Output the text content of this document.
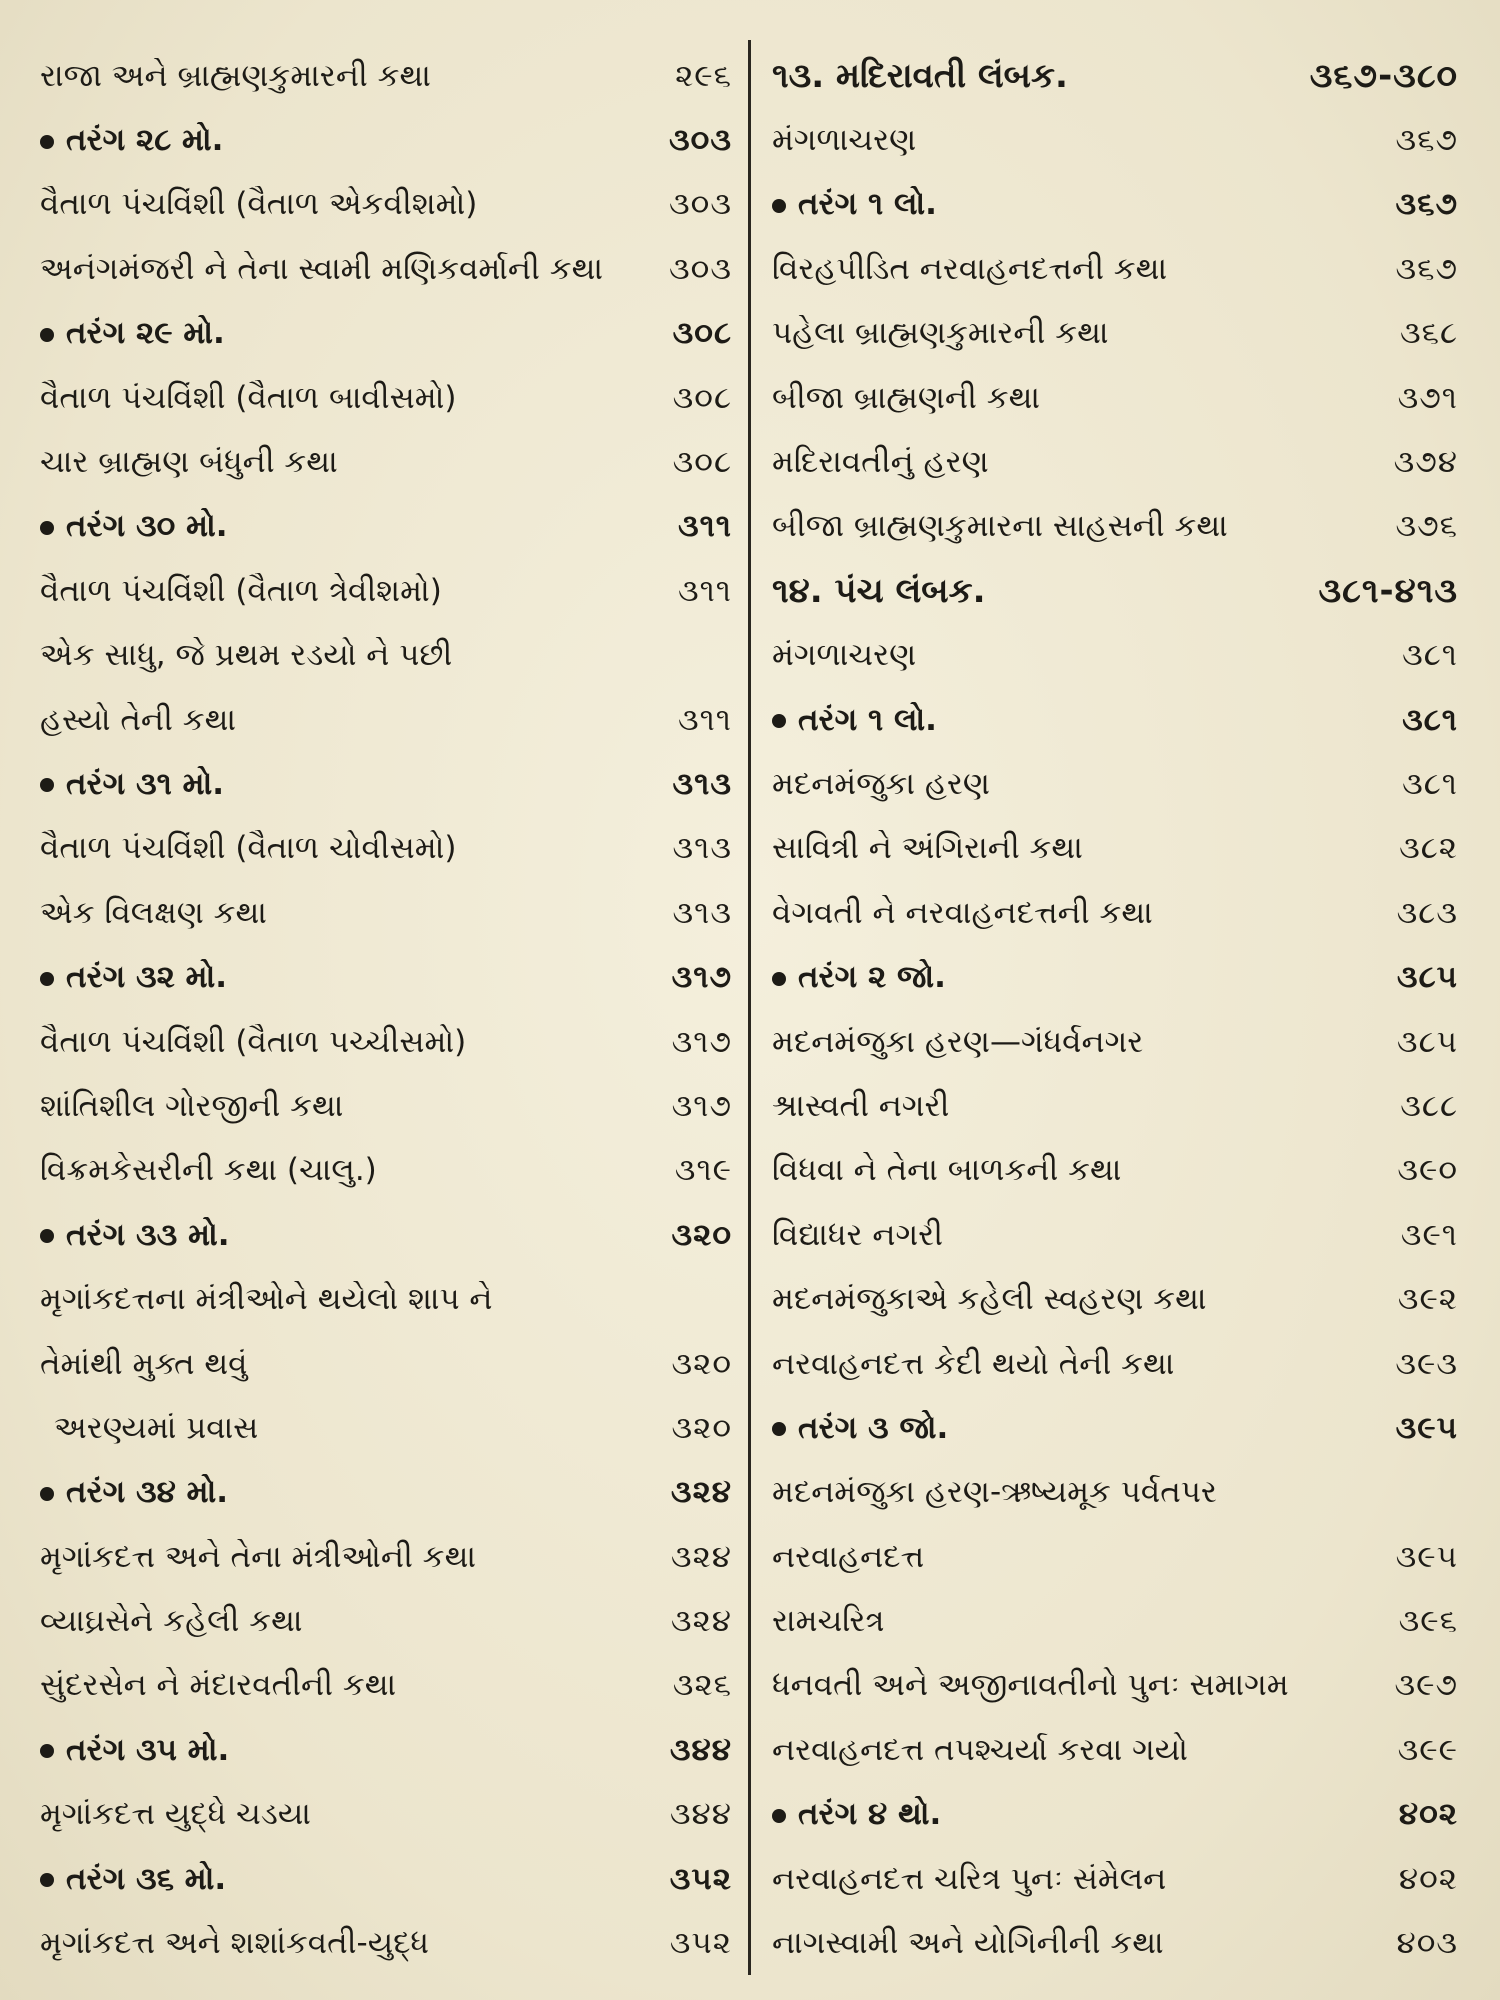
રાજા અને બ્રાહ્મણકુમારની કથા	૨૯૬
તરંગ ૨૮ મો.	૩૦૩
વૈતાળ પંચવિંશી (વૈતાળ એકવીશમો)	૩૦૩
અનંગમંજરી ને તેના સ્વામી મણિકવર્માની કથા	૩૦૩
તરંગ ૨૯ મો.	૩૦૮
વૈતાળ પંચવિંશી (વૈતાળ બાવીસમો)	૩૦૮
ચાર બ્રાહ્મણ બંધુની કથા	૩૦૮
તરંગ ૩૦ મો.	૩૧૧
વૈતાળ પંચવિંશી (વૈતાળ ત્રેવીશમો)	૩૧૧
એક સાધુ, જે પ્રથમ રડયો ને પછી
હસ્યો તેની કથા	૩૧૧
તરંગ ૩૧ મો.	૩૧૩
વૈતાળ પંચવિંશી (વૈતાળ ચોવીસમો)	૩૧૩
એક વિલક્ષણ કથા	૩૧૩
તરંગ ૩૨ મો.	૩૧૭
વૈતાળ પંચવિંશી (વૈતાળ પચ્ચીસમો)	૩૧૭
શાંતિશીલ ગોરજીની કથા	૩૧૭
વિક્રમકેસરીની કથા (ચાલુ.)	૩૧૯
તરંગ ૩૩ મો.	૩૨૦
મૃગાંકદત્તના મંત્રીઓને થયેલો શાપ ને
તેમાંથી મુક્ત થવું	૩૨૦
અરણ્યમાં પ્રવાસ	૩૨૦
તરંગ ૩૪ મો.	૩૨૪
મૃગાંકદત્ત અને તેના મંત્રીઓની કથા	૩૨૪
વ્યાઘ્રસેને કહેલી કથા	૩૨૪
સુંદરસેન ને મંદારવતીની કથા	૩૨૬
તરંગ ૩૫ મો.	૩૪૪
મૃગાંકદત્ત યુદ્ધે ચડયા	૩૪૪
તરંગ ૩૬ મો.	૩૫૨
મૃગાંકદત્ત અને શશાંકવતી-યુદ્ધ	૩૫૨
૧૩. મદિરાવતી લંબક.	૩૬૭-૩૮૦
મંગળાચરણ	૩૬૭
તરંગ ૧ લો.	૩૬૭
વિરહપીડિત નરવાહનદત્તની કથા	૩૬૭
પહેલા બ્રાહ્મણકુમારની કથા	૩૬૮
બીજા બ્રાહ્મણની કથા	૩૭૧
મદિરાવતીનું હરણ	૩૭૪
બીજા બ્રાહ્મણકુમારના સાહસની કથા	૩૭૬
૧૪. પંચ લંબક.	૩૮૧-૪૧૩
મંગળાચરણ	૩૮૧
તરંગ ૧ લો.	૩૮૧
મદનમંજુકા હરણ	૩૮૧
સાવિત્રી ને અંગિરાની કથા	૩૮૨
વેગવતી ને નરવાહનદત્તની કથા	૩૮૩
તરંગ ૨ જો.	૩૮૫
મદનમંજુકા હરણ—ગંધર્વનગર	૩૮૫
શ્રાસ્વતી નગરી	૩૮૮
વિધવા ને તેના બાળકની કથા	૩૯૦
વિદ્યાધર નગરી	૩૯૧
મદનમંજુકાએ કહેલી સ્વહરણ કથા	૩૯૨
નરવાહનદત્ત કેદી થયો તેની કથા	૩૯૩
તરંગ ૩ જો.	૩૯૫
મદનમંજુકા હરણ-ઋષ્યમૂક પર્વતપર
નરવાહનદત્ત	૩૯૫
રામચરિત્ર	૩૯૬
ધનવતી અને અજીનાવતીનો પુનઃ સમાગમ	૩૯૭
નરવાહનદત્ત તપશ્ચર્યા કરવા ગયો	૩૯૯
તરંગ ૪ થો.	૪૦૨
નરવાહનદત્ત ચરિત્ર પુનઃ સંમેલન	૪૦૨
નાગસ્વામી અને યોગિનીની કથા	૪૦૩
